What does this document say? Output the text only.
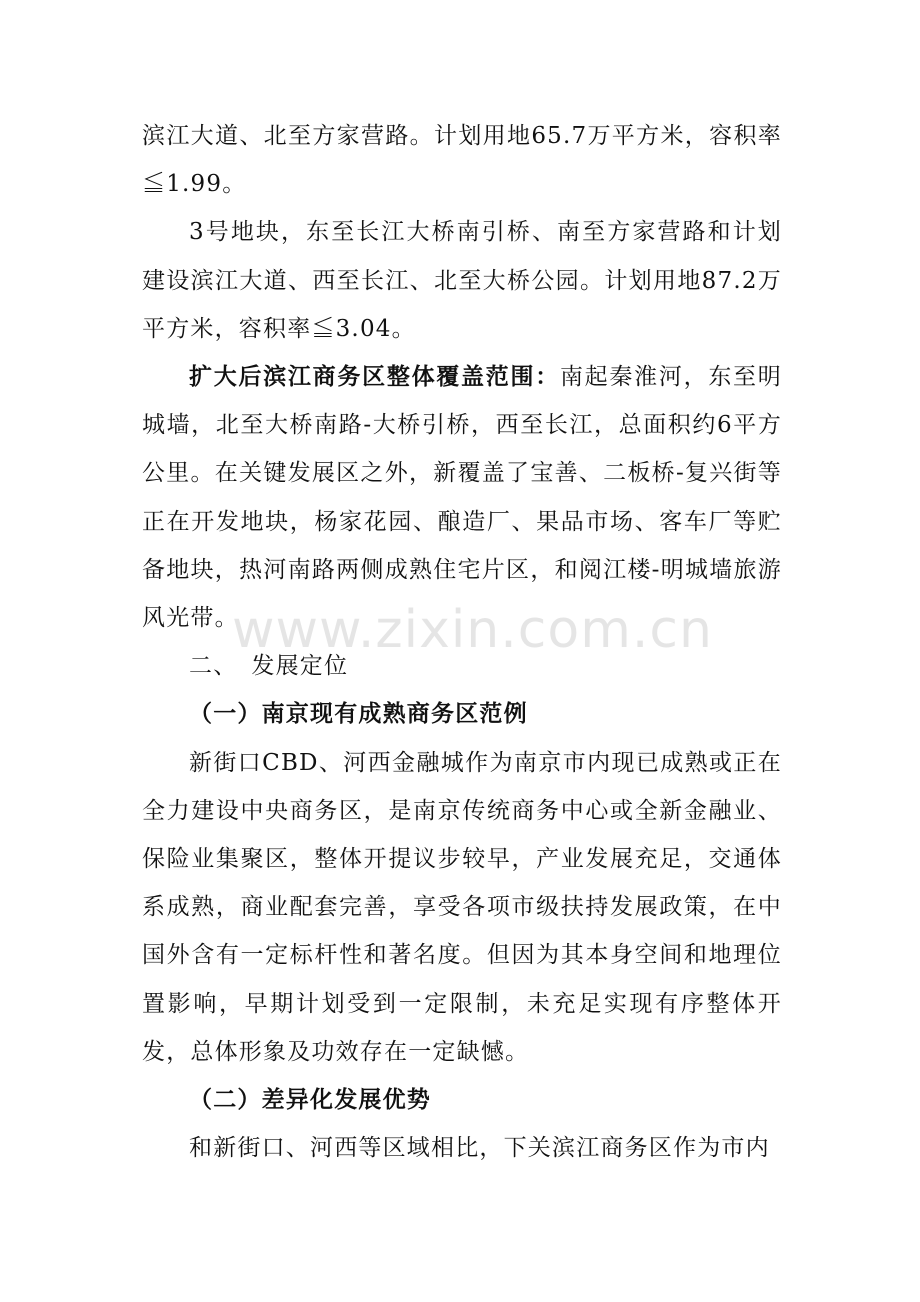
滨江大道、北至方家营路。计划用地65.7万平方米，容积率≦1.99。

3号地块，东至长江大桥南引桥、南至方家营路和计划建设滨江大道、西至长江、北至大桥公园。计划用地87.2万平方米，容积率≦3.04。

扩大后滨江商务区整体覆盖范围：南起秦淮河，东至明城墙，北至大桥南路-大桥引桥，西至长江，总面积约6平方公里。在关键发展区之外，新覆盖了宝善、二板桥-复兴街等正在开发地块，杨家花园、酿造厂、果品市场、客车厂等贮备地块，热河南路两侧成熟住宅片区，和阅江楼-明城墙旅游风光带。

二、 发展定位
（一）南京现有成熟商务区范例

新街口CBD、河西金融城作为南京市内现已成熟或正在全力建设中央商务区，是南京传统商务中心或全新金融业、保险业集聚区，整体开提议步较早，产业发展充足，交通体系成熟，商业配套完善，享受各项市级扶持发展政策，在中国外含有一定标杆性和著名度。但因为其本身空间和地理位置影响，早期计划受到一定限制，未充足实现有序整体开发，总体形象及功效存在一定缺憾。

（二）差异化发展优势

和新街口、河西等区域相比，下关滨江商务区作为市内

www.zixin.com.cn
